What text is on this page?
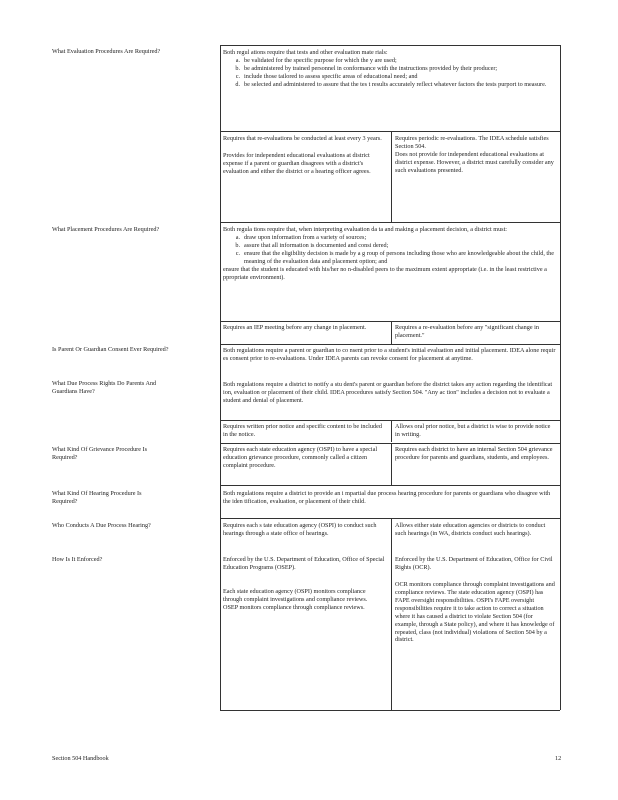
What Evaluation Procedures Are Required?
What Placement Procedures Are Required?
Is Parent Or Guardian Consent Ever Required?
What Due Process Rights Do Parents And Guardians Have?
What Kind Of Grievance Procedure Is Required?
What Kind Of Hearing Procedure Is Required?
Who Conducts A Due Process Hearing?
How Is It Enforced?

Both regul ations require that tests and other evaluation mate rials:

a. be validated for the specific purpose for which the y are used;
b. be administered by trained personnel in conformance with the instructions provided by their producer;
c. include those tailored to assess specific areas of educational need; and
d. be selected and administered to assure that the tes t results accurately reflect whatever factors the tests purport to measure.

Requires that re-evaluations be conducted at least every 3 years.

Provides for independent educational evaluations at district expense if a parent or guardian disagrees with a district's evaluation and either the district or a hearing officer agrees.

Requires periodic re-evaluations. The IDEA schedule satisfies Section 504.

Does not provide for independent educational evaluations at district expense. However, a district must carefully consider any such evaluations presented.

Both regula tions require that, when interpreting evaluation da ta and making a placement decision, a district must:

a. draw upon information from a variety of sources;
b. assure that all information is documented and consi dered;
c. ensure that the eligibility decision is made by a g roup of persons including those who are knowledgeable about the child, the meaning of the evaluation data and placement option; and

ensure that the student is educated with his/her no n-disabled peers to the maximum extent appropriate (i.e. in the least restrictive a ppropriate environment).

Requires an IEP meeting before any change in placement.	Requires a re-evaluation before any "significant change in placement."
Both regulations require a parent or guardian to co nsent prior to a student's initial evaluation and initial placement. IDEA alone requir es consent prior to re-evaluations. Under IDEA parents can revoke consent for placement at anytime.
Both regulations require a district to notify a stu dent's parent or guardian before the district takes any action regarding the identificat ion, evaluation or placement of their child. IDEA procedures satisfy Section 504. "Any ac tion" includes a decision not to evaluate a student and denial of placement.
Requires written prior notice and specific content to be included in the notice.
Allows oral prior notice, but a district is wise to provide notice in writing.
Requires each state education agency (OSPI) to have a special education grievance procedure, commonly called a citizen complaint procedure.
Requires each district to have an internal Section 504 grievance procedure for parents and guardians, students, and employees.
Both regulations require a district to provide an i mpartial due process hearing procedure for parents or guardians who disagree with the iden tification, evaluation, or placement of their child.
Requires each s tate education agency (OSPI) to conduct such hearings through a state office of hearings.
Allows either state education agencies or districts to conduct such hearings (in WA, districts conduct such hearings).

Enforced by the U.S. Department of Education, Office of Special Education Programs (OSEP).

Each state education agency (OSPI) monitors compliance through complaint investigations and compliance reviews.

OSEP monitors compliance through compliance reviews.

Enforced by the U.S. Department of Education, Office for Civil Rights (OCR).

OCR monitors compliance through complaint investigations and compliance reviews. The state education agency (OSPI) has FAPE oversight responsibilities. OSPI's FAPE oversight responsibilities require it to take action to correct a situation where it has caused a district to violate Section 504 (for example, through a State policy), and where it has knowledge of repeated, class (not individual) violations of Section 504 by a district.

Section 504 Handbook	12
